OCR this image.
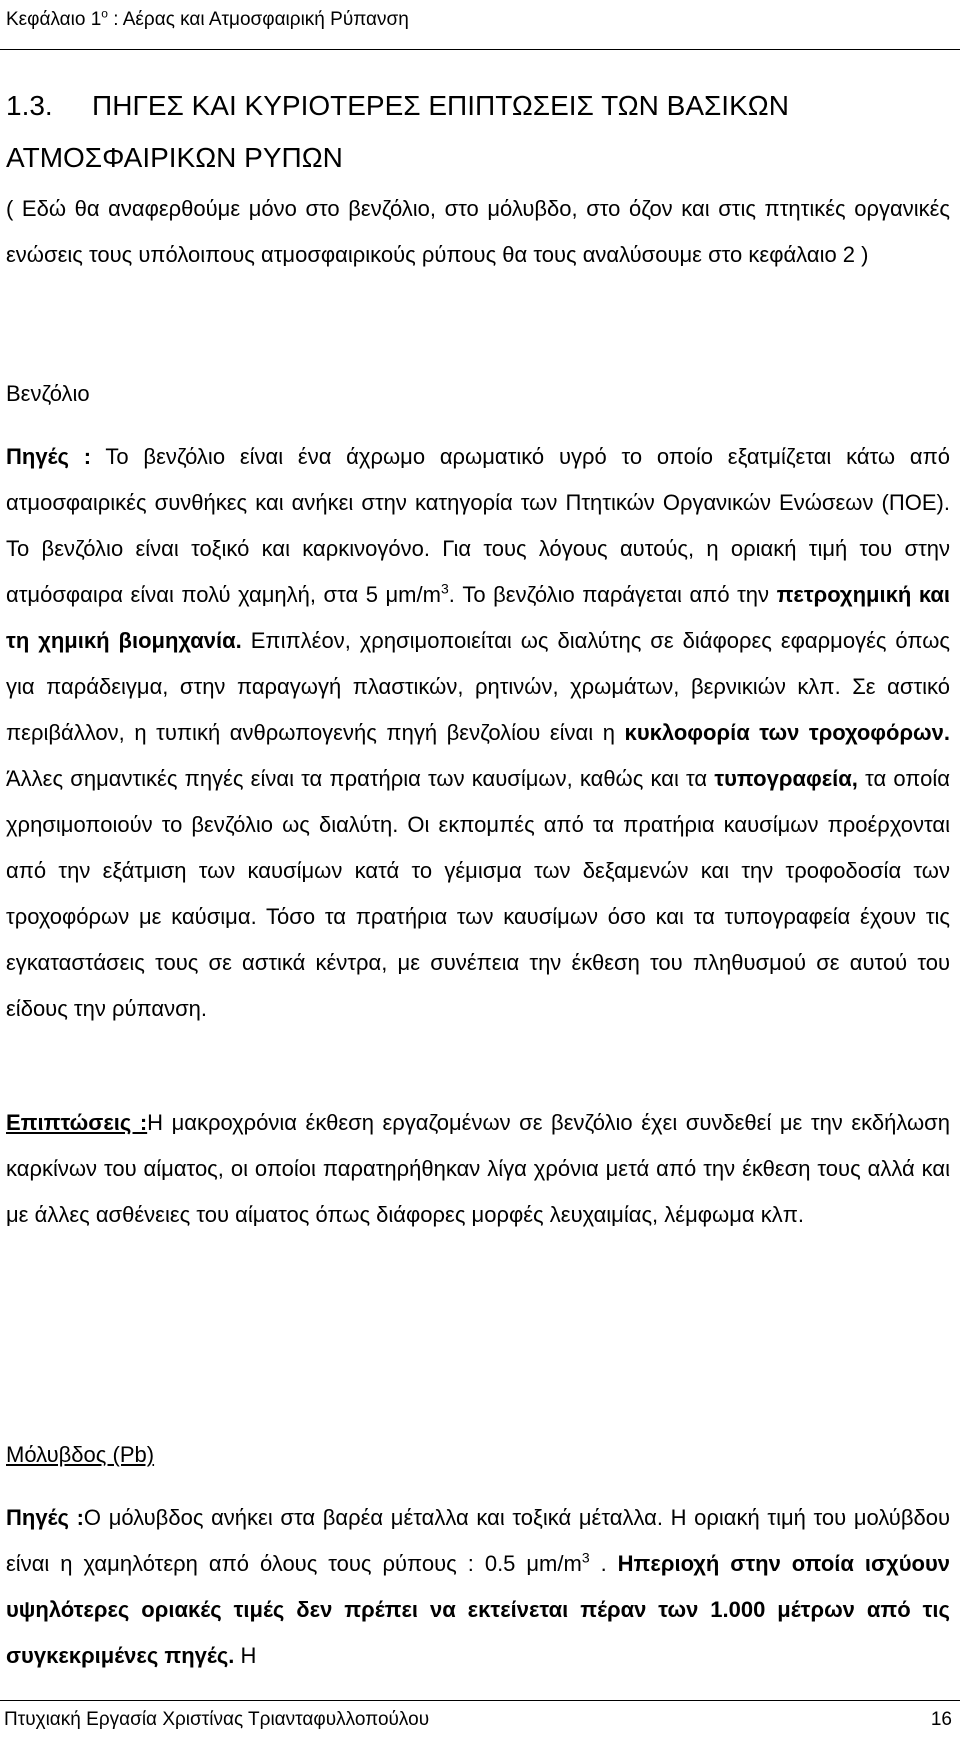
Κεφάλαιο $1^o$ : Αέρας και Ατμοσφαιρική Ρύπανση
1.3. ΠΗΓΕΣ ΚΑΙ ΚΥΡΙΟΤΕΡΕΣ ΕΠΙΠΤΩΣΕΙΣ ΤΩΝ ΒΑΣΙΚΩΝ ΑΤΜΟΣΦΑΙΡΙΚΩΝ ΡΥΠΩΝ
( Εδώ θα αναφερθούμε μόνο στο βενζόλιο, στο μόλυβδο, στο όζον και στις πτητικές οργανικές ενώσεις τους υπόλοιπους ατμοσφαιρικούς ρύπους θα τους αναλύσουμε στο κεφάλαιο 2 )
Βενζόλιο
Πηγές : Το βενζόλιο είναι ένα άχρωμο αρωματικό υγρό το οποίο εξατμίζεται κάτω από ατμοσφαιρικές συνθήκες και ανήκει στην κατηγορία των Πτητικών Οργανικών Ενώσεων (ΠΟΕ). Το βενζόλιο είναι τοξικό και καρκινογόνο. Για τους λόγους αυτούς, η οριακή τιμή του στην ατμόσφαιρα είναι πολύ χαμηλή, στα 5 $\mu m/m^3$. Το βενζόλιο παράγεται από την πετροχημική και τη χημική βιομηχανία. Επιπλέον, χρησιμοποιείται ως διαλύτης σε διάφορες εφαρμογές όπως για παράδειγμα, στην παραγωγή πλαστικών, ρητινών, χρωμάτων, βερνικιών κλπ. Σε αστικό περιβάλλον, η τυπική ανθρωπογενής πηγή βενζολίου είναι η κυκλοφορία των τροχοφόρων. Άλλες σημαντικές πηγές είναι τα πρατήρια των καυσίμων, καθώς και τα τυπογραφεία, τα οποία χρησιμοποιούν το βενζόλιο ως διαλύτη. Οι εκπομπές από τα πρατήρια καυσίμων προέρχονται από την εξάτμιση των καυσίμων κατά το γέμισμα των δεξαμενών και την τροφοδοσία των τροχοφόρων με καύσιμα. Τόσο τα πρατήρια των καυσίμων όσο και τα τυπογραφεία έχουν τις εγκαταστάσεις τους σε αστικά κέντρα, με συνέπεια την έκθεση του πληθυσμού σε αυτού του είδους την ρύπανση.
Επιπτώσεις :Η μακροχρόνια έκθεση εργαζομένων σε βενζόλιο έχει συνδεθεί με την εκδήλωση καρκίνων του αίματος, οι οποίοι παρατηρήθηκαν λίγα χρόνια μετά από την έκθεση τους αλλά και με άλλες ασθένειες του αίματος όπως διάφορες μορφές λευχαιμίας, λέμφωμα κλπ.
Μόλυβδος (Pb)
Πηγές :Ο μόλυβδος ανήκει στα βαρέα μέταλλα και τοξικά μέταλλα. Η οριακή τιμή του μολύβδου είναι η χαμηλότερη από όλους τους ρύπους : 0.5 $\mu m/m^3$ . Ηπεριοχή στην οποία ισχύουν υψηλότερες οριακές τιμές δεν πρέπει να εκτείνεται πέραν των 1.000 μέτρων από τις συγκεκριμένες πηγές. Η
Πτυχιακή Εργασία Χριστίνας Τριανταφυλλοπούλου	16
